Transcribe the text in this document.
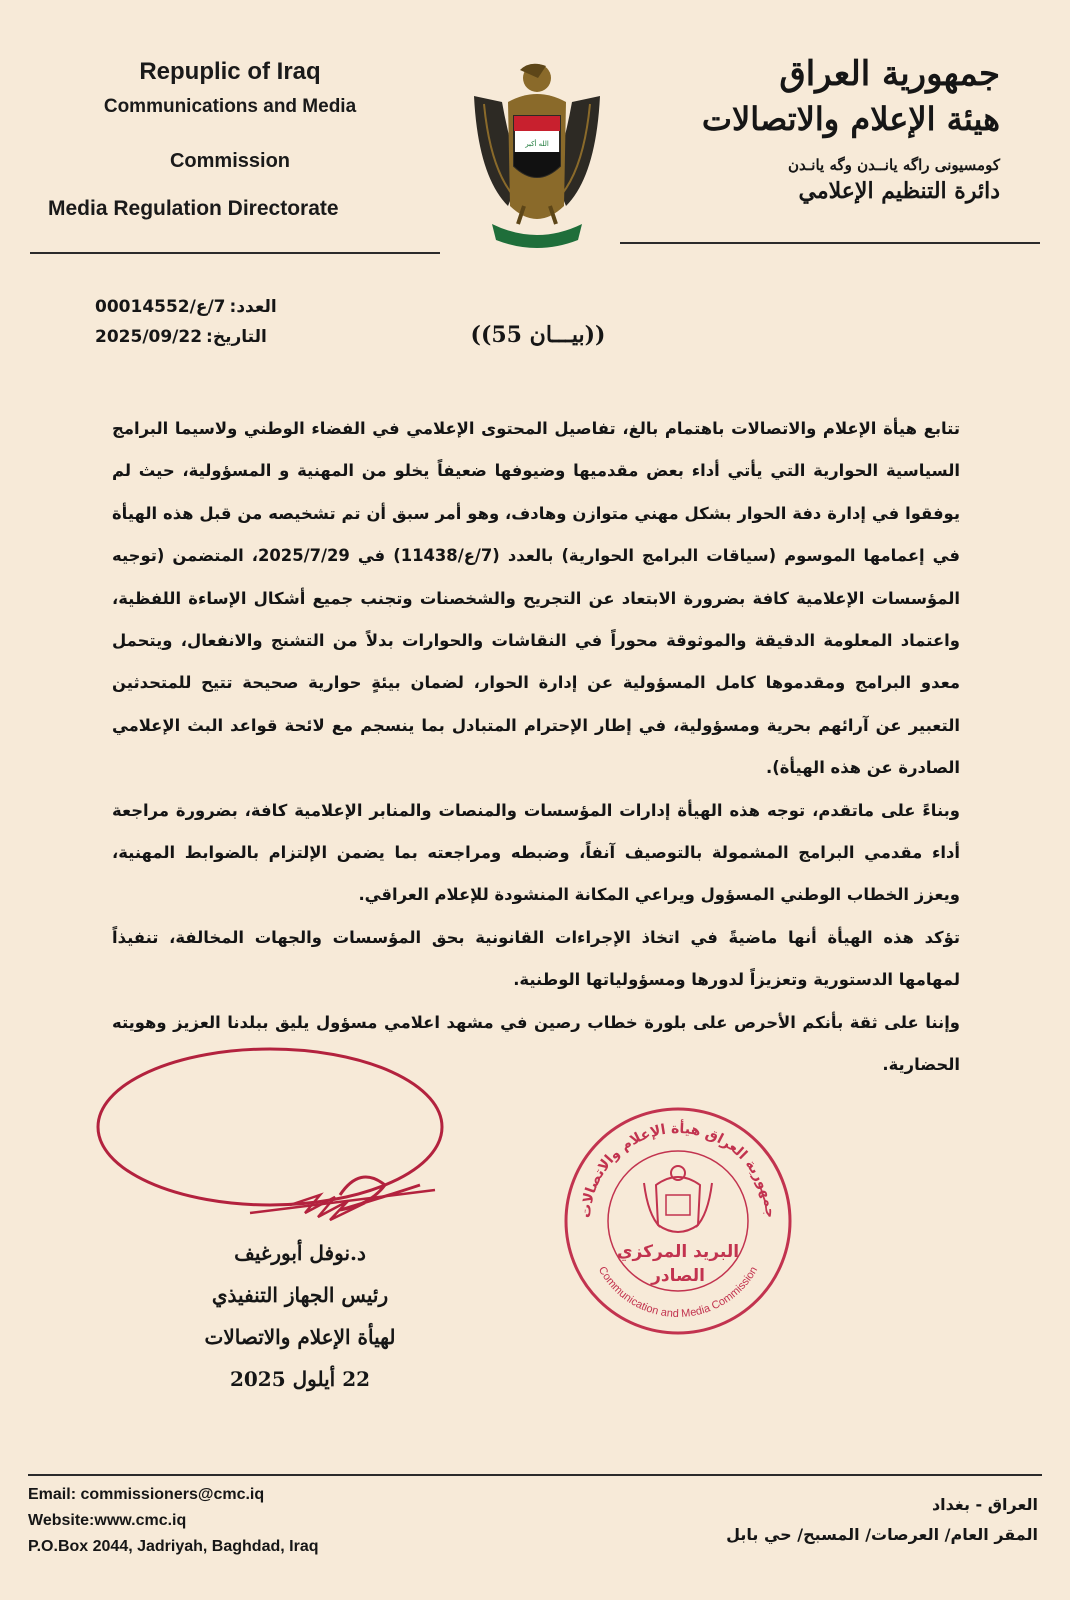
Repuplic of Iraq
Communications and Media
Commission
Media Regulation Directorate
الله أكبر
جمهورية العراق
هيئة الإعلام والاتصالات
كومسيونى راگه يانــدن وگه يانـدن
دائرة التنظيم الإعلامي
العدد:
7/ع/00014552
التاريخ:
2025/09/22	((بيـــان 55))

تتابع هيأة الإعلام والاتصالات باهتمام بالغ، تفاصيل المحتوى الإعلامي في الفضاء الوطني ولاسيما البرامج السياسية الحوارية التي يأتي أداء بعض مقدميها وضيوفها ضعيفاً يخلو من المهنية و المسؤولية، حيث لم يوفقوا في إدارة دفة الحوار بشكل مهني متوازن وهادف، وهو أمر سبق أن تم تشخيصه من قبل هذه الهيأة في إعمامها الموسوم (سياقات البرامج الحوارية) بالعدد (7/ع/11438) في 2025/7/29، المتضمن (توجيه المؤسسات الإعلامية كافة بضرورة الابتعاد عن التجريح والشخصنات وتجنب جميع أشكال الإساءة اللفظية، واعتماد المعلومة الدقيقة والموثوقة محوراً في النقاشات والحوارات بدلاً من التشنج والانفعال، ويتحمل معدو البرامج ومقدموها كامل المسؤولية عن إدارة الحوار، لضمان بيئةٍ حوارية صحيحة تتيح للمتحدثين التعبير عن آرائهم بحرية ومسؤولية، في إطار الإحترام المتبادل بما ينسجم مع لائحة قواعد البث الإعلامي الصادرة عن هذه الهيأة).

وبناءً على ماتقدم، توجه هذه الهيأة إدارات المؤسسات والمنصات والمنابر الإعلامية كافة، بضرورة مراجعة أداء مقدمي البرامج المشمولة بالتوصيف آنفاً، وضبطه ومراجعته بما يضمن الإلتزام بالضوابط المهنية، ويعزز الخطاب الوطني المسؤول ويراعي المكانة المنشودة للإعلام العراقي.

تؤكد هذه الهيأة أنها ماضيةً في اتخاذ الإجراءات القانونية بحق المؤسسات والجهات المخالفة، تنفيذاً لمهامها الدستورية وتعزيزاً لدورها ومسؤولياتها الوطنية.

وإننا على ثقة بأنكم الأحرص على بلورة خطاب رصين في مشهد اعلامي مسؤول يليق ببلدنا العزيز وهويته الحضارية.

د.نوفل أبورغيف
رئيس الجهاز التنفيذي
لهيأة الإعلام والاتصالات
22 أيلول 2025
جمهورية العراق هيأة الإعلام والاتصالات
Communication and Media Commission
البريد المركزي
الصادر
Email: commissioners@cmc.iq
Website:www.cmc.iq
P.O.Box 2044, Jadriyah, Baghdad, Iraq
العراق - بغداد
المقر العام/ العرصات/ المسبح/ حي بابل
